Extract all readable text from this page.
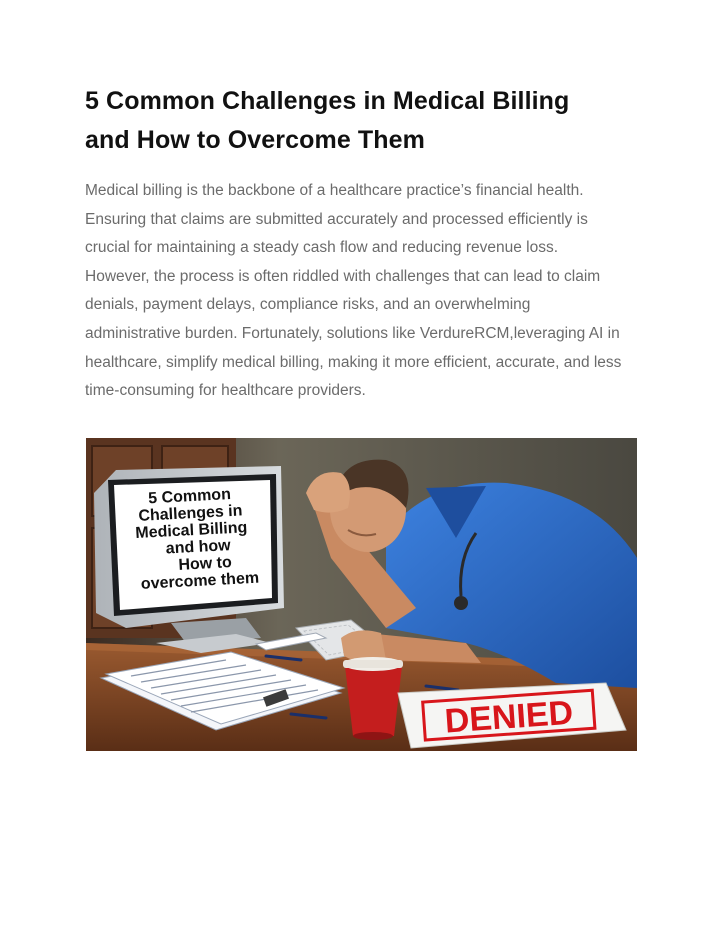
5 Common Challenges in Medical Billing
and How to Overcome Them

Medical billing is the backbone of a healthcare practice’s financial health.
Ensuring that claims are submitted accurately and processed efficiently is
crucial for maintaining a steady cash flow and reducing revenue loss.
However, the process is often riddled with challenges that can lead to claim
denials, payment delays, compliance risks, and an overwhelming
administrative burden. Fortunately, solutions like VerdureRCM,leveraging AI in
healthcare, simplify medical billing, making it more efficient, accurate, and less
time-consuming for healthcare providers.

5 Common
Challenges in
Medical Billing
and how
How to
overcome them
DENIED
